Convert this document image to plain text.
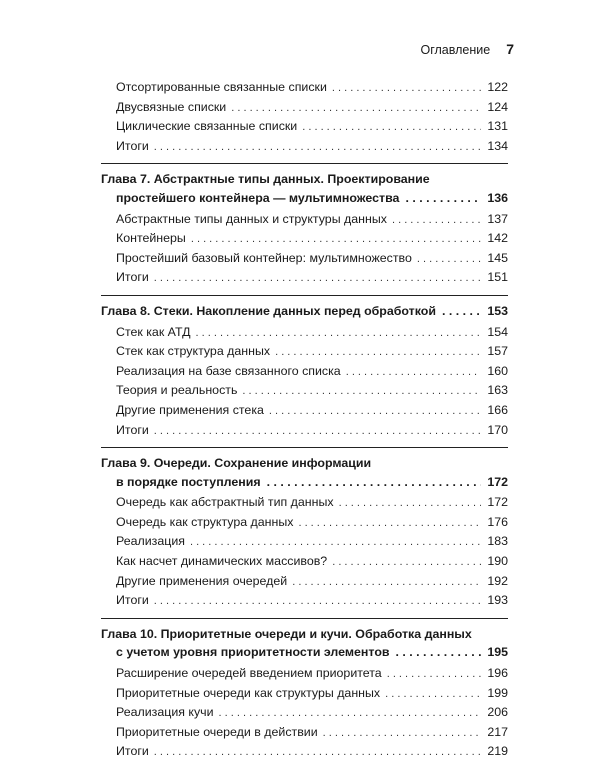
Оглавление 7
Отсортированные связанные списки . . .	122
Двусвязные списки . . .	124
Циклические связанные списки . . .	131
Итоги . . .	134
Глава 7. Абстрактные типы данных. Проектирование
простейшего контейнера — мультимножества . . .	136
Абстрактные типы данных и структуры данных . . .	137
Контейнеры . . .	142
Простейший базовый контейнер: мультимножество . . .	145
Итоги . . .	151
Глава 8. Стеки. Накопление данных перед обработкой . . .	153
Стек как АТД . . .	154
Стек как структура данных . . .	157
Реализация на базе связанного списка . . .	160
Теория и реальность . . .	163
Другие применения стека . . .	166
Итоги . . .	170
Глава 9. Очереди. Сохранение информации
в порядке поступления . . .	172
Очередь как абстрактный тип данных . . .	172
Очередь как структура данных . . .	176
Реализация . . .	183
Как насчет динамических массивов? . . .	190
Другие применения очередей . . .	192
Итоги . . .	193
Глава 10. Приоритетные очереди и кучи. Обработка данных
с учетом уровня приоритетности элементов . . .	195
Расширение очередей введением приоритета . . .	196
Приоритетные очереди как структуры данных . . .	199
Реализация кучи . . .	206
Приоритетные очереди в действии . . .	217
Итоги . . .	219
